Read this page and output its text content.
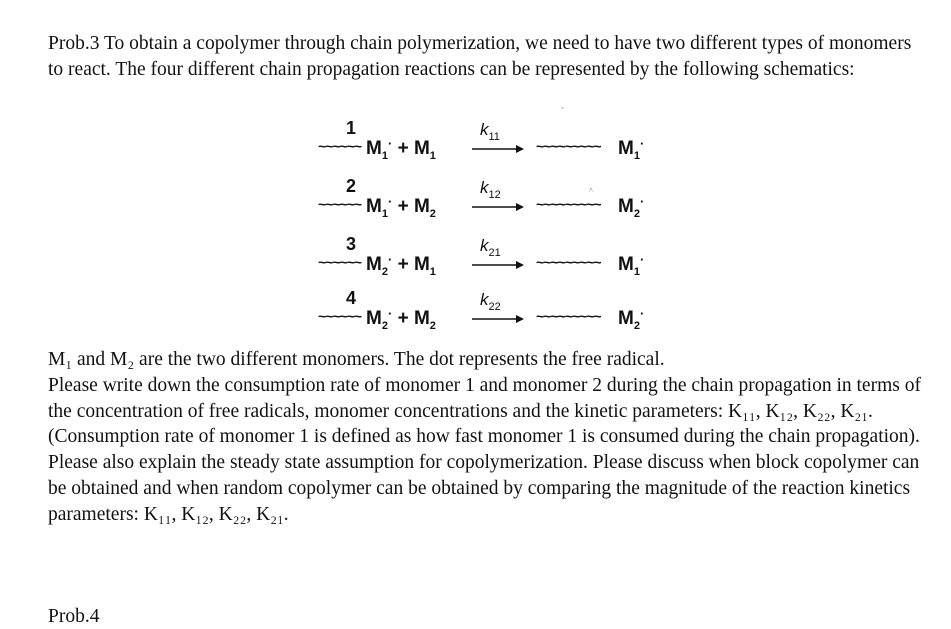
Prob.3 To obtain a copolymer through chain polymerization, we need to have two different types of monomers to react. The four different chain propagation reactions can be represented by the following schematics:

1
~~~~~~ $M_1^\cdot + M_1$
$k_{11}$
~~~~~~~~~ $M_1^\cdot$
2
~~~~~~ $M_1^\cdot + M_2$
$k_{12}$
~~~~~~~~~ $M_2^\cdot$
3
~~~~~~ $M_2^\cdot + M_1$
$k_{21}$
~~~~~~~~~ $M_1^\cdot$
4
~~~~~~ $M_2^\cdot + M_2$
$k_{22}$
~~~~~~~~~ $M_2^\cdot$
ˇ
^
M₁ and M₂ are the two different monomers. The dot represents the free radical.
Please write down the consumption rate of monomer 1 and monomer 2 during the chain propagation in terms of the concentration of free radicals, monomer concentrations and the kinetic parameters: K₁₁, K₁₂, K₂₂, K₂₁. (Consumption rate of monomer 1 is defined as how fast monomer 1 is consumed during the chain propagation). Please also explain the steady state assumption for copolymerization. Please discuss when block copolymer can be obtained and when random copolymer can be obtained by comparing the magnitude of the reaction kinetics parameters: K₁₁, K₁₂, K₂₂, K₂₁.
Prob.4
